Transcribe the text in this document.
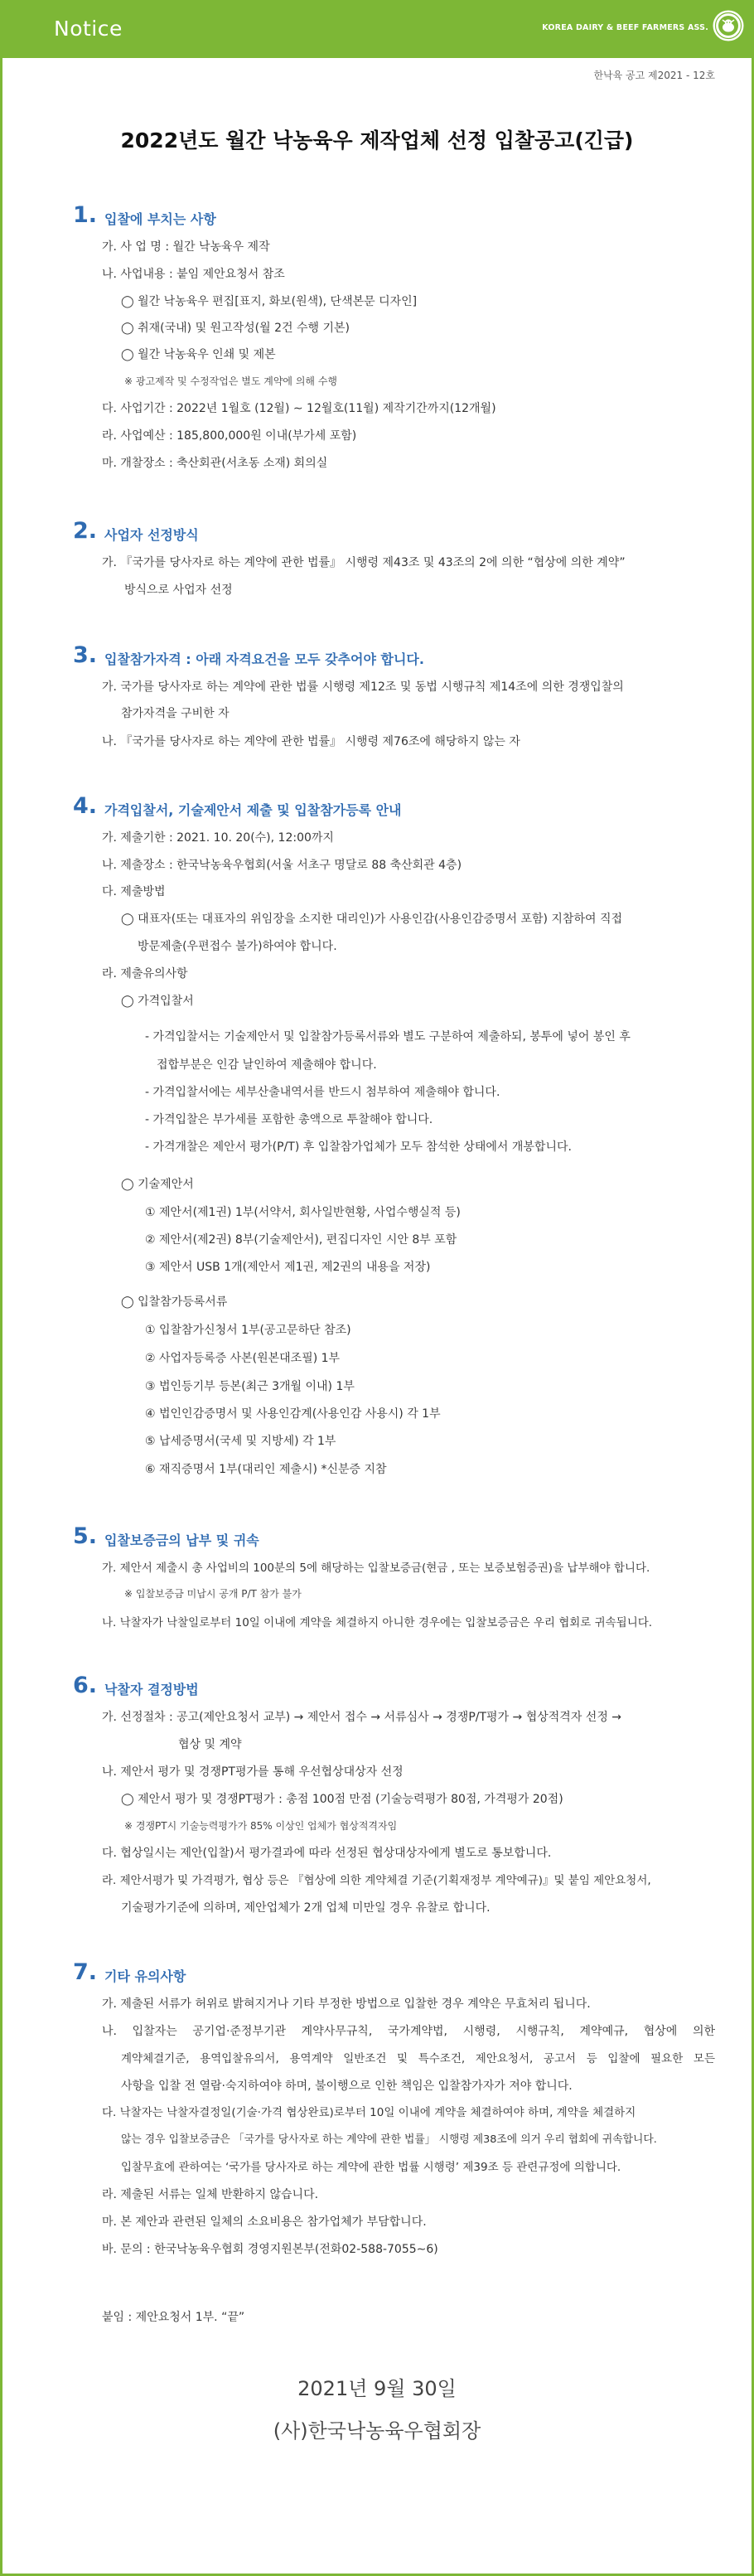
Notice	KOREA DAIRY & BEEF FARMERS ASS.
한낙육 공고 제2021 - 12호
2022년도 월간 낙농육우 제작업체 선정 입찰공고(긴급)
1. 입찰에 부치는 사항
가. 사 업 명 : 월간 낙농육우 제작
나. 사업내용 : 붙임 제안요청서 참조
◯ 월간 낙농육우 편집[표지, 화보(원색), 단색본문 디자인]
◯ 취재(국내) 및 원고작성(월 2건 수행 기본)
◯ 월간 낙농육우 인쇄 및 제본
※ 광고제작 및 수정작업은 별도 계약에 의해 수행
다. 사업기간 : 2022년 1월호 (12월) ∼ 12월호(11월) 제작기간까지(12개월)
라. 사업예산 : 185,800,000원 이내(부가세 포함)
마. 개찰장소 : 축산회관(서초동 소재) 회의실
2. 사업자 선정방식
가. 『국가를 당사자로 하는 계약에 관한 법률』 시행령 제43조 및 43조의 2에 의한 “협상에 의한 계약”
방식으로 사업자 선정
3. 입찰참가자격 : 아래 자격요건을 모두 갖추어야 합니다.
가. 국가를 당사자로 하는 계약에 관한 법률 시행령 제12조 및 동법 시행규칙 제14조에 의한 경쟁입찰의
참가자격을 구비한 자
나. 『국가를 당사자로 하는 계약에 관한 법률』 시행령 제76조에 해당하지 않는 자
4. 가격입찰서, 기술제안서 제출 및 입찰참가등록 안내
가. 제출기한 : 2021. 10. 20(수), 12:00까지
나. 제출장소 : 한국낙농육우협회(서울 서초구 명달로 88 축산회관 4층)
다. 제출방법
◯ 대표자(또는 대표자의 위임장을 소지한 대리인)가 사용인감(사용인감증명서 포함) 지참하여 직접
방문제출(우편접수 불가)하여야 합니다.
라. 제출유의사항
◯ 가격입찰서
- 가격입찰서는 기술제안서 및 입찰참가등록서류와 별도 구분하여 제출하되, 봉투에 넣어 봉인 후
접합부분은 인감 날인하여 제출해야 합니다.
- 가격입찰서에는 세부산출내역서를 반드시 첨부하여 제출해야 합니다.
- 가격입찰은 부가세를 포함한 총액으로 투찰해야 합니다.
- 가격개찰은 제안서 평가(P/T) 후 입찰참가업체가 모두 참석한 상태에서 개봉합니다.
◯ 기술제안서
① 제안서(제1권) 1부(서약서, 회사일반현황, 사업수행실적 등)
② 제안서(제2권) 8부(기술제안서), 편집디자인 시안 8부 포함
③ 제안서 USB 1개(제안서 제1권, 제2권의 내용을 저장)
◯ 입찰참가등록서류
① 입찰참가신청서 1부(공고문하단 참조)
② 사업자등록증 사본(원본대조필) 1부
③ 법인등기부 등본(최근 3개월 이내) 1부
④ 법인인감증명서 및 사용인감계(사용인감 사용시) 각 1부
⑤ 납세증명서(국세 및 지방세) 각 1부
⑥ 재직증명서 1부(대리인 제출시) *신분증 지참
5. 입찰보증금의 납부 및 귀속
가. 제안서 제출시 총 사업비의 100분의 5에 해당하는 입찰보증금(현금 , 또는 보증보험증권)을 납부해야 합니다.
※ 입찰보증금 미납시 공개 P/T 참가 불가
나. 낙찰자가 낙찰일로부터 10일 이내에 계약을 체결하지 아니한 경우에는 입찰보증금은 우리 협회로 귀속됩니다.
6. 낙찰자 결정방법
가. 선정절차 : 공고(제안요청서 교부) → 제안서 접수 → 서류심사 → 경쟁P/T평가 → 협상적격자 선정 →
협상 및 계약
나. 제안서 평가 및 경쟁PT평가를 통해 우선협상대상자 선정
◯ 제안서 평가 및 경쟁PT평가 : 총점 100점 만점 (기술능력평가 80점, 가격평가 20점)
※ 경쟁PT시 기술능력평가가 85% 이상인 업체가 협상적격자임
다. 협상일시는 제안(입찰)서 평가결과에 따라 선정된 협상대상자에게 별도로 통보합니다.
라. 제안서평가 및 가격평가, 협상 등은 『협상에 의한 계약체결 기준(기획재정부 계약예규)』및 붙임 제안요청서,
기술평가기준에 의하며, 제안업체가 2개 업체 미만일 경우 유찰로 합니다.
7. 기타 유의사항
가. 제출된 서류가 허위로 밝혀지거나 기타 부정한 방법으로 입찰한 경우 계약은 무효처리 됩니다.
나. 입찰자는 공기업·준정부기관 계약사무규칙, 국가계약법, 시행령, 시행규칙, 계약예규, 협상에 의한
계약체결기준, 용역입찰유의서, 용역계약 일반조건 및 특수조건, 제안요청서, 공고서 등 입찰에 필요한 모든
사항을 입찰 전 열람·숙지하여야 하며, 불이행으로 인한 책임은 입찰참가자가 져야 합니다.
다. 낙찰자는 낙찰자결정일(기술·가격 협상완료)로부터 10일 이내에 계약을 체결하여야 하며, 계약을 체결하지
않는 경우 입찰보증금은 「국가를 당사자로 하는 계약에 관한 법률」 시행령 제38조에 의거 우리 협회에 귀속합니다.
입찰무효에 관하여는 ‘국가를 당사자로 하는 계약에 관한 법률 시행령’ 제39조 등 관련규정에 의합니다.
라. 제출된 서류는 일체 반환하지 않습니다.
마. 본 제안과 관련된 일체의 소요비용은 참가업체가 부담합니다.
바. 문의 : 한국낙농육우협회 경영지원본부(전화02-588-7055∼6)
붙임 : 제안요청서 1부. “끝”
2021년 9월 30일
(사)한국낙농육우협회장
